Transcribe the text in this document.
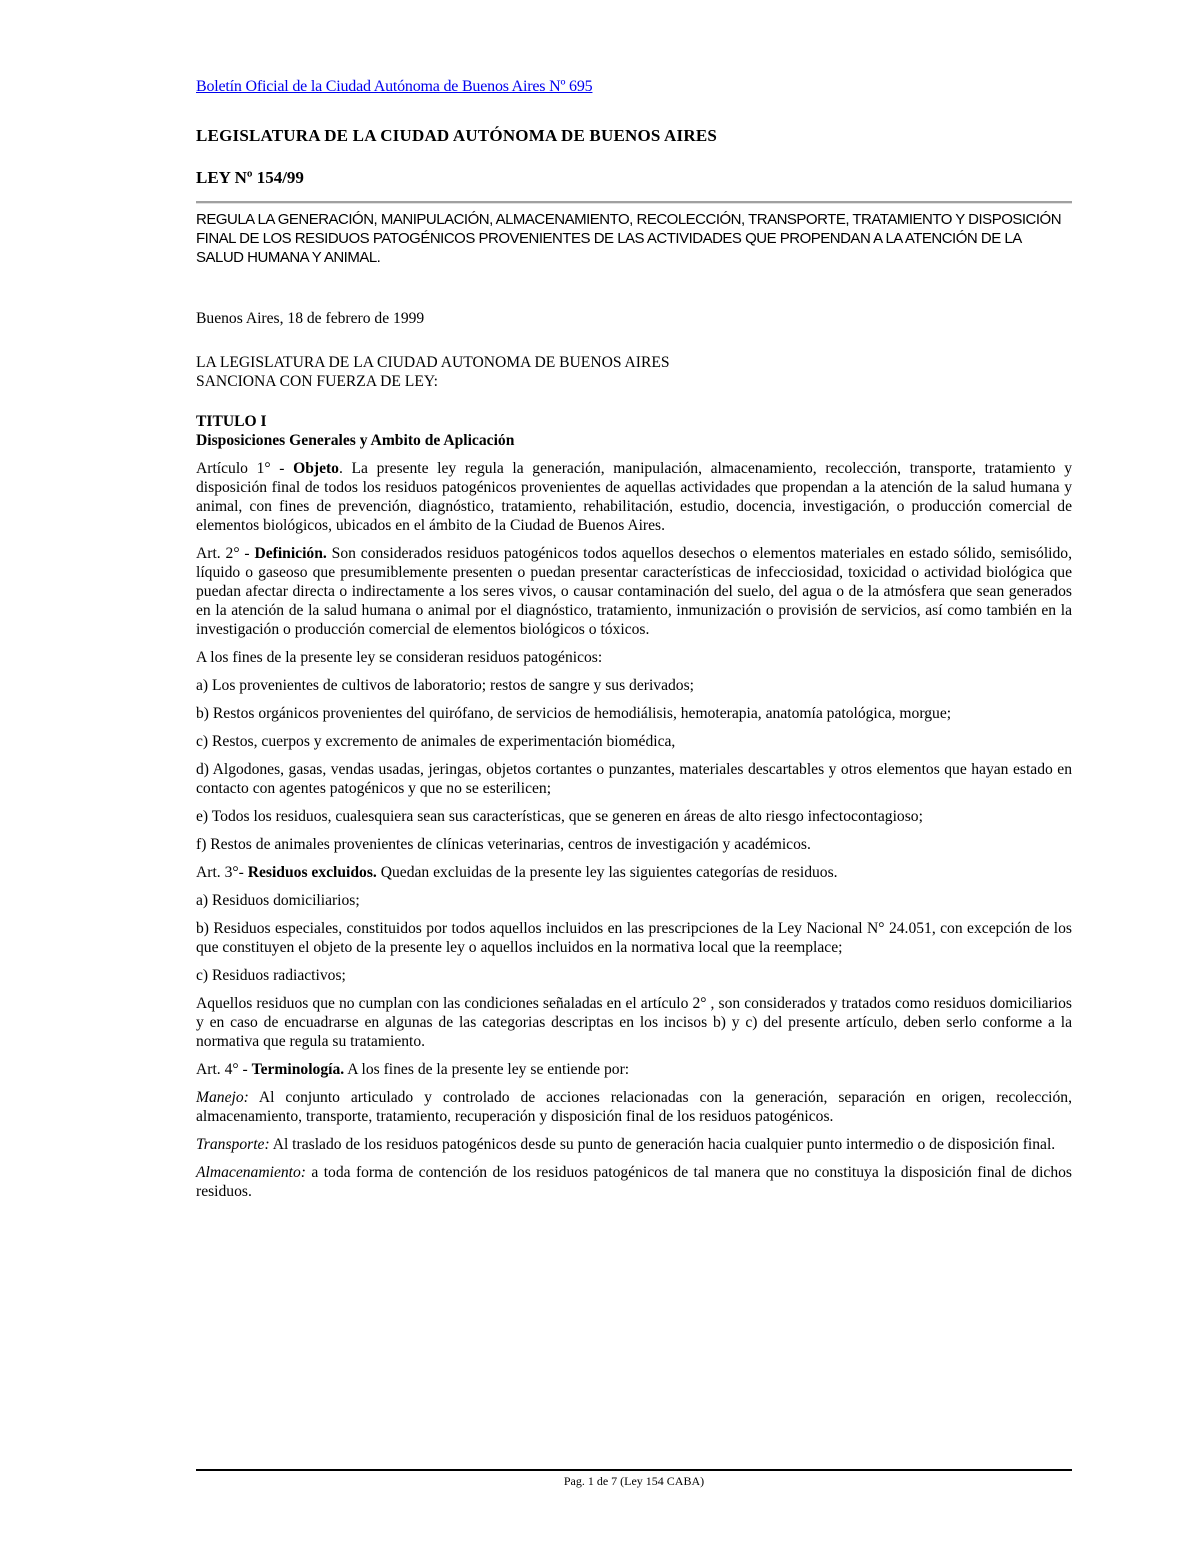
Boletín Oficial de la Ciudad Autónoma de Buenos Aires Nº 695

LEGISLATURA DE LA CIUDAD AUTÓNOMA DE BUENOS AIRES

LEY Nº 154/99

REGULA LA GENERACIÓN, MANIPULACIÓN, ALMACENAMIENTO, RECOLECCIÓN, TRANSPORTE, TRATAMIENTO Y DISPOSICIÓN FINAL DE LOS RESIDUOS PATOGÉNICOS PROVENIENTES DE LAS ACTIVIDADES QUE PROPENDAN A LA ATENCIÓN DE LA SALUD HUMANA Y ANIMAL.

Buenos Aires, 18 de febrero de 1999

LA LEGISLATURA DE LA CIUDAD AUTONOMA DE BUENOS AIRES
SANCIONA CON FUERZA DE LEY:

TITULO I

Disposiciones Generales y Ambito de Aplicación

Artículo 1° - Objeto. La presente ley regula la generación, manipulación, almacenamiento, recolección, transporte, tratamiento y disposición final de todos los residuos patogénicos provenientes de aquellas actividades que propendan a la atención de la salud humana y animal, con fines de prevención, diagnóstico, tratamiento, rehabilitación, estudio, docencia, investigación, o producción comercial de elementos biológicos, ubicados en el ámbito de la Ciudad de Buenos Aires.

Art. 2° - Definición. Son considerados residuos patogénicos todos aquellos desechos o elementos materiales en estado sólido, semisólido, líquido o gaseoso que presumiblemente presenten o puedan presentar características de infecciosidad, toxicidad o actividad biológica que puedan afectar directa o indirectamente a los seres vivos, o causar contaminación del suelo, del agua o de la atmósfera que sean generados en la atención de la salud humana o animal por el diagnóstico, tratamiento, inmunización o provisión de servicios, así como también en la investigación o producción comercial de elementos biológicos o tóxicos.

A los fines de la presente ley se consideran residuos patogénicos:

a) Los provenientes de cultivos de laboratorio; restos de sangre y sus derivados;

b) Restos orgánicos provenientes del quirófano, de servicios de hemodiálisis, hemoterapia, anatomía patológica, morgue;

c) Restos, cuerpos y excremento de animales de experimentación biomédica,

d) Algodones, gasas, vendas usadas, jeringas, objetos cortantes o punzantes, materiales descartables y otros elementos que hayan estado en contacto con agentes patogénicos y que no se esterilicen;

e) Todos los residuos, cualesquiera sean sus características, que se generen en áreas de alto riesgo infectocontagioso;

f) Restos de animales provenientes de clínicas veterinarias, centros de investigación y académicos.

Art. 3°- Residuos excluidos. Quedan excluidas de la presente ley las siguientes categorías de residuos.

a) Residuos domiciliarios;

b) Residuos especiales, constituidos por todos aquellos incluidos en las prescripciones de la Ley Nacional N° 24.051, con excepción de los que constituyen el objeto de la presente ley o aquellos incluidos en la normativa local que la reemplace;

c) Residuos radiactivos;

Aquellos residuos que no cumplan con las condiciones señaladas en el artículo 2° , son considerados y tratados como residuos domiciliarios y en caso de encuadrarse en algunas de las categorias descriptas en los incisos b) y c) del presente artículo, deben serlo conforme a la normativa que regula su tratamiento.

Art. 4° - Terminología. A los fines de la presente ley se entiende por:

Manejo: Al conjunto articulado y controlado de acciones relacionadas con la generación, separación en origen, recolección, almacenamiento, transporte, tratamiento, recuperación y disposición final de los residuos patogénicos.

Transporte: Al traslado de los residuos patogénicos desde su punto de generación hacia cualquier punto intermedio o de disposición final.

Almacenamiento: a toda forma de contención de los residuos patogénicos de tal manera que no constituya la disposición final de dichos residuos.

Pag. 1 de 7 (Ley 154 CABA)
